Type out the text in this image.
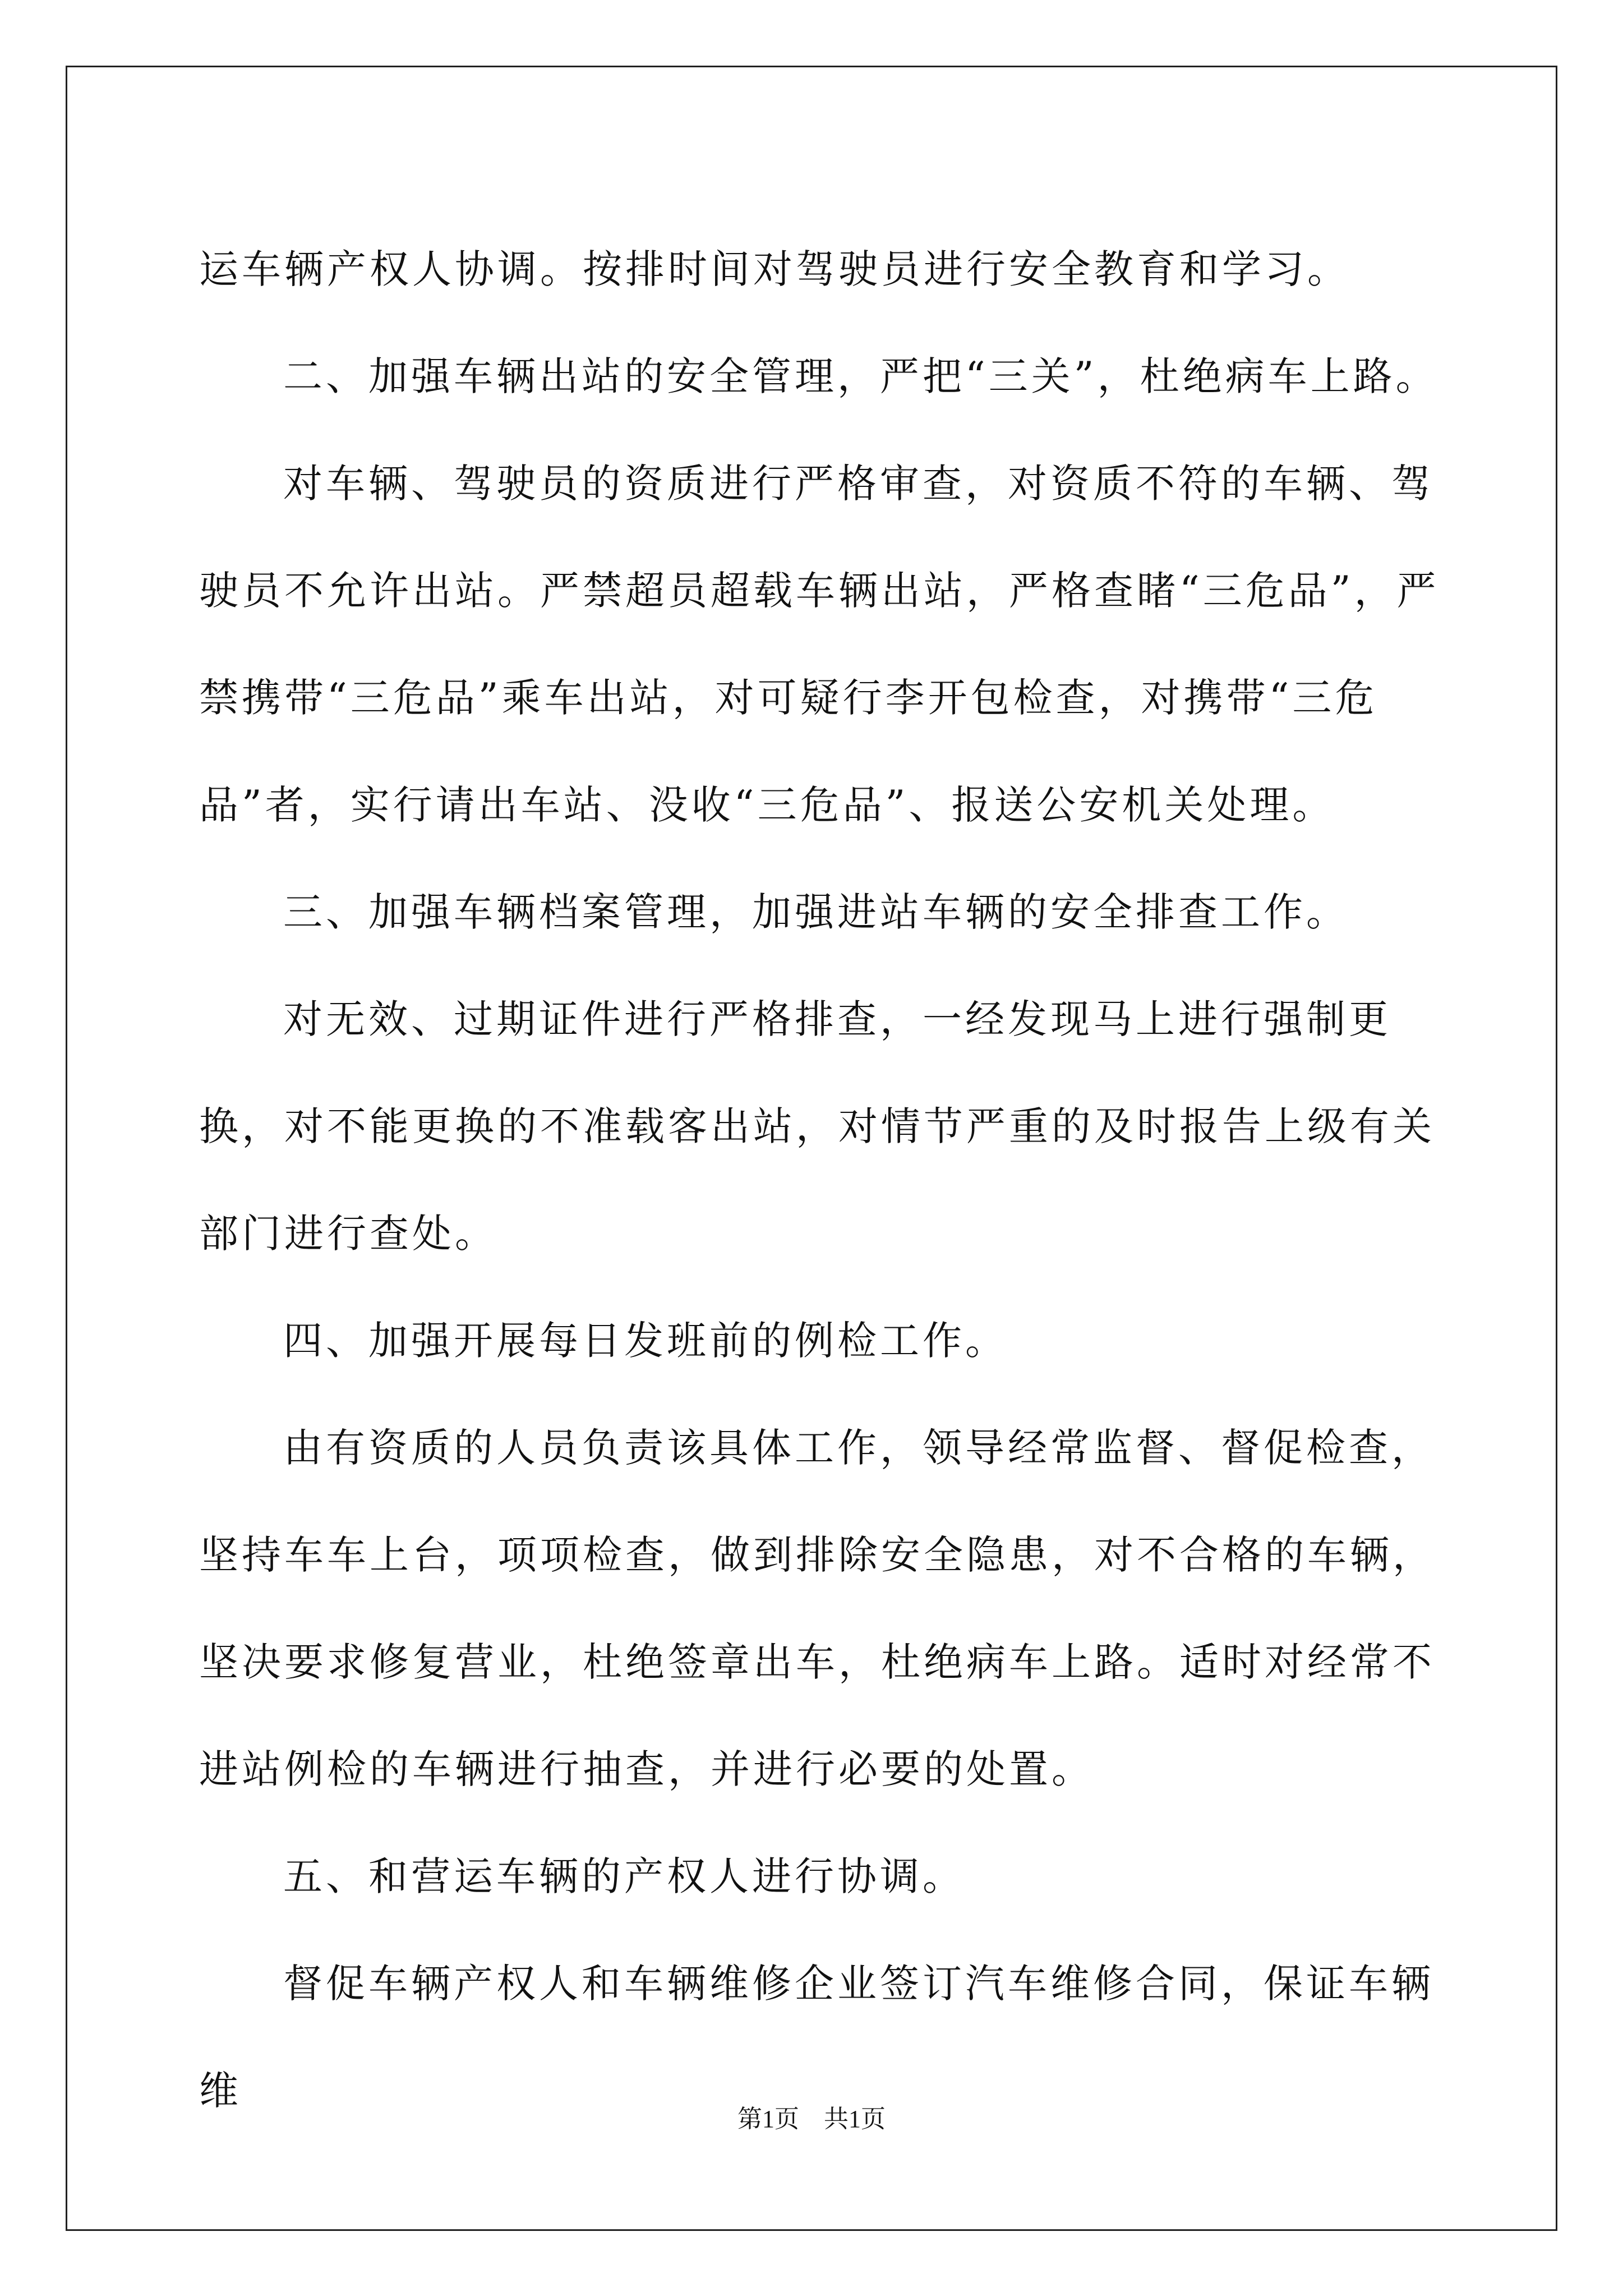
运车辆产权人协调。按排时间对驾驶员进行安全教育和学习。

二、加强车辆出站的安全管理，严把“三关”，杜绝病车上路。

对车辆、驾驶员的资质进行严格审查，对资质不符的车辆、驾驶员不允许出站。严禁超员超载车辆出站，严格查睹“三危品”，严禁携带“三危品”乘车出站，对可疑行李开包检查，对携带“三危品”者，实行请出车站、没收“三危品”、报送公安机关处理。

三、加强车辆档案管理，加强进站车辆的安全排查工作。

对无效、过期证件进行严格排查，一经发现马上进行强制更换，对不能更换的不准载客出站，对情节严重的及时报告上级有关部门进行查处。

四、加强开展每日发班前的例检工作。

由有资质的人员负责该具体工作，领导经常监督、督促检查，坚持车车上台，项项检查，做到排除安全隐患，对不合格的车辆，坚决要求修复营业，杜绝签章出车，杜绝病车上路。适时对经常不进站例检的车辆进行抽查，并进行必要的处置。

五、和营运车辆的产权人进行协调。

督促车辆产权人和车辆维修企业签订汽车维修合同，保证车辆维

第1页　共1页
